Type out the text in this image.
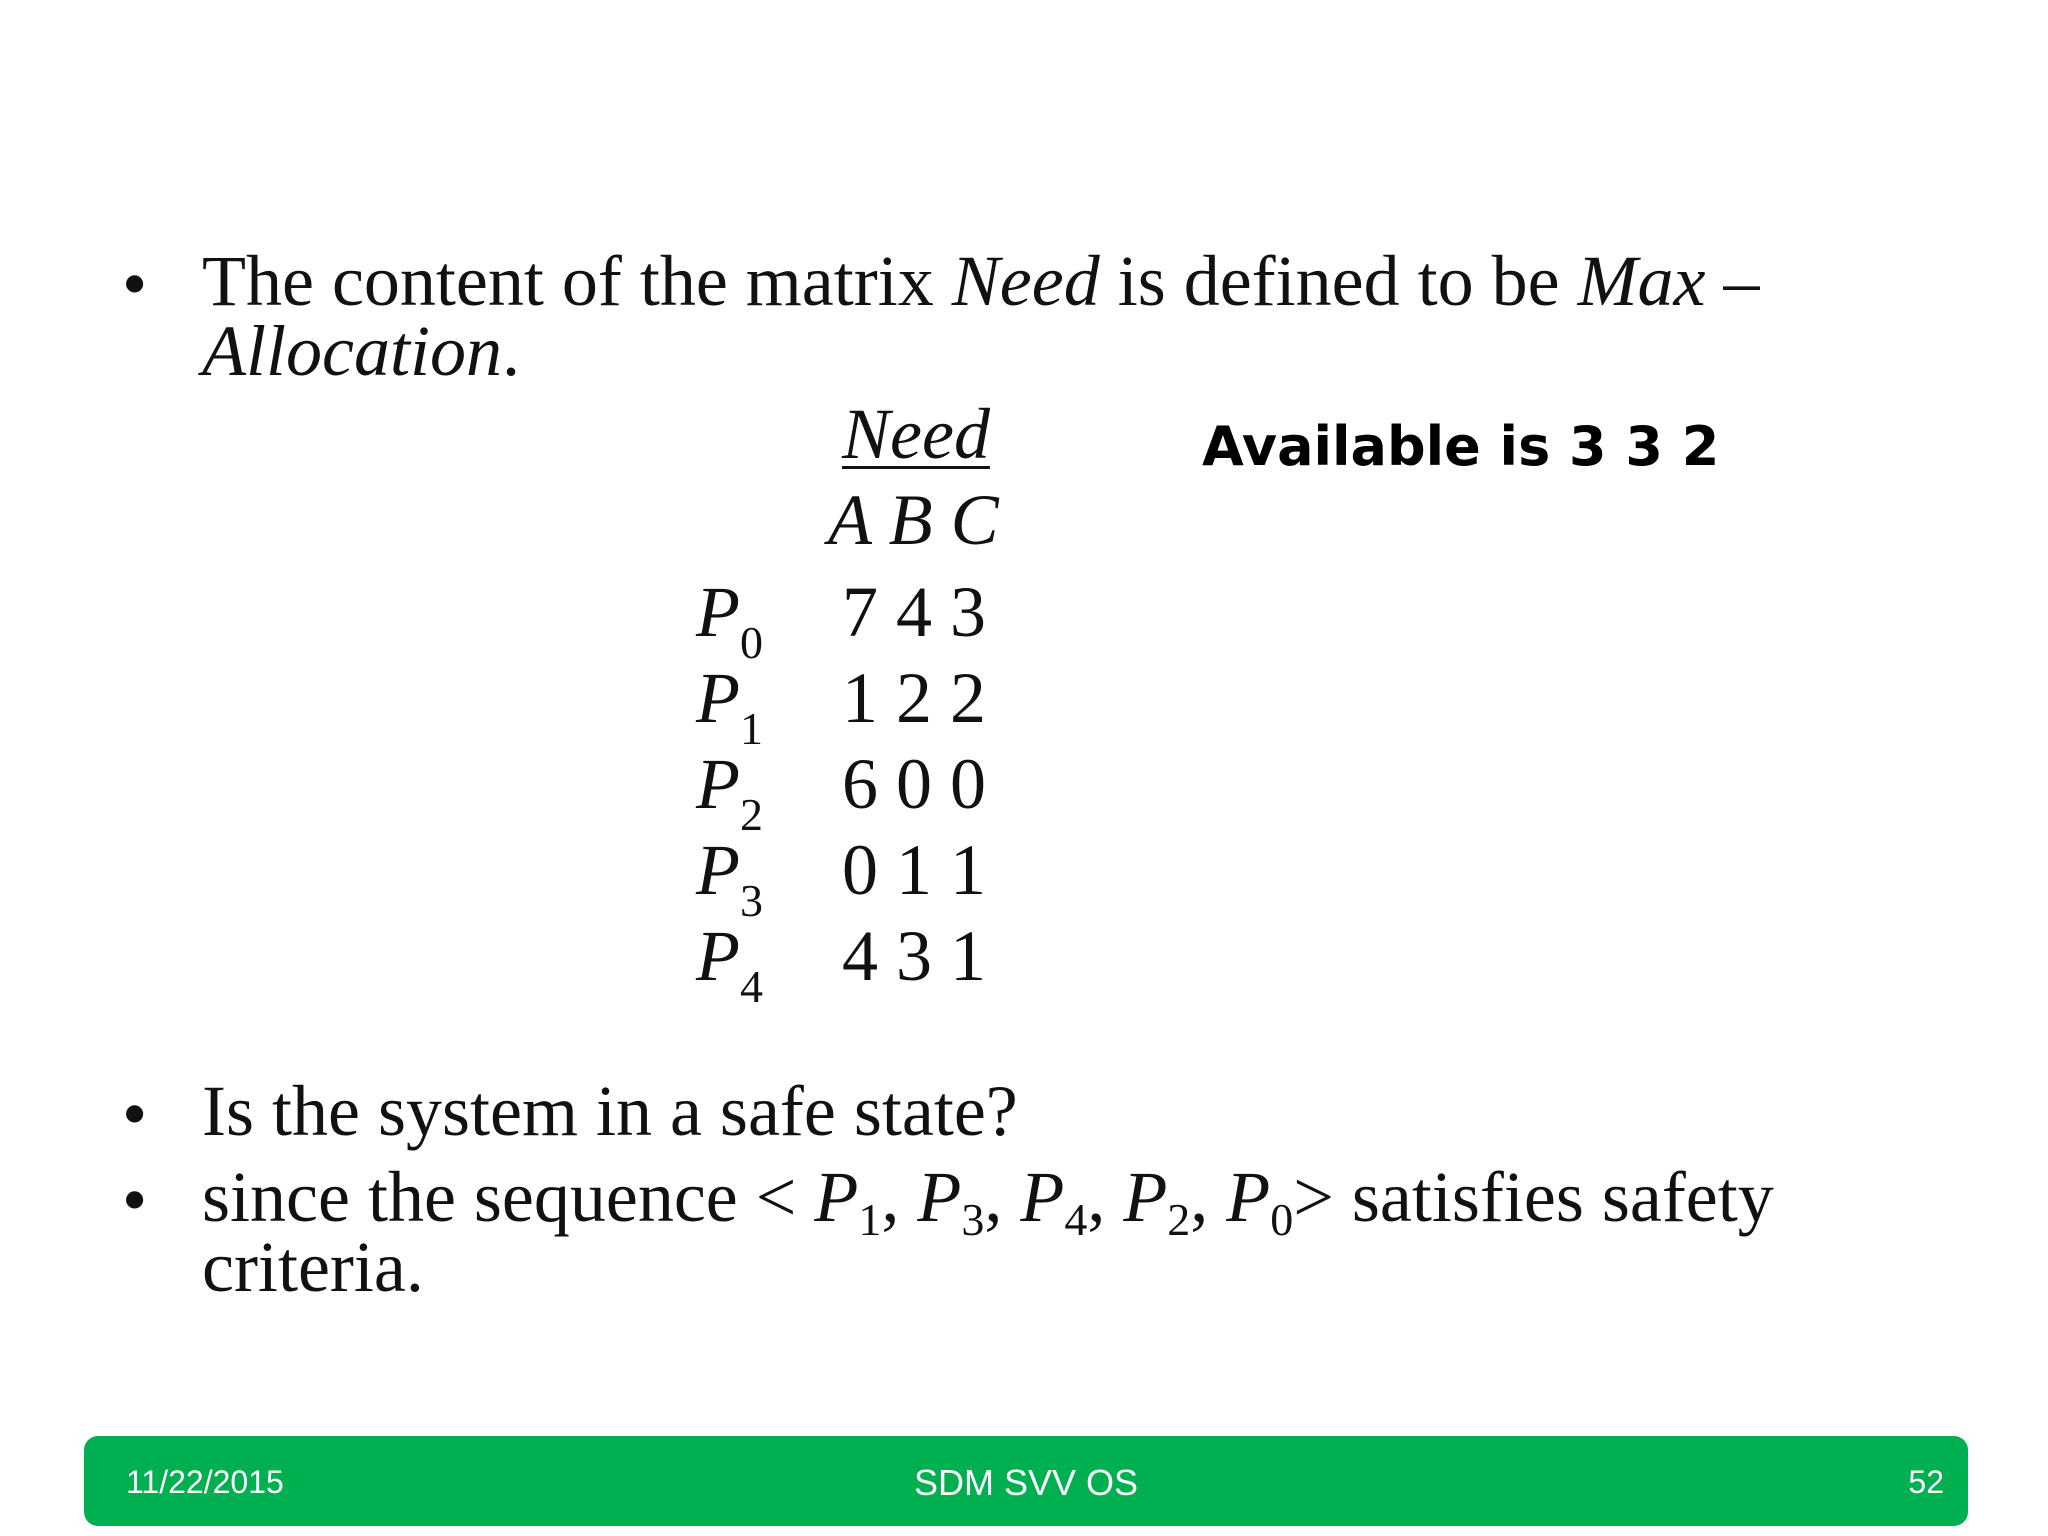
• The content of the matrix Need is defined to be Max –
Allocation.
Need
A B C
$P_0$ 7 4 3
$P_1$ 1 2 2
$P_2$ 6 0 0
$P_3$ 0 1 1
$P_4$ 4 3 1
Available is 3 3 2
• Is the system in a safe state?
• since the sequence < $P_1$, $P_3$, $P_4$, $P_2$, $P_0>$ satisfies safety
criteria.
11/22/2015	SDM SVV OS	52
